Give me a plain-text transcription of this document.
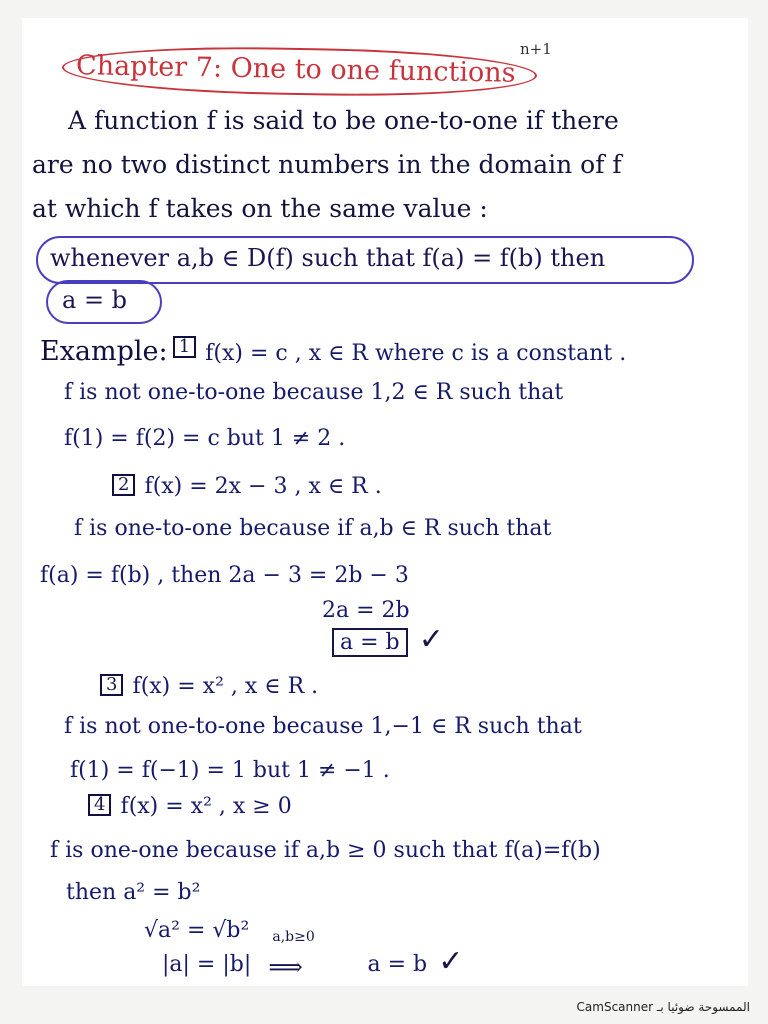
n+1
Chapter 7: One to one functions
A function f is said to be one-to-one if there
are no two distinct numbers in the domain of f
at which f takes on the same value :
whenever a,b ∈ D(f) such that f(a) = f(b) then
a = b
Example: 1 f(x) = c , x ∈ R where c is a constant .
f is not one-to-one because 1,2 ∈ R such that
f(1) = f(2) = c but 1 ≠ 2 .
2 f(x) = 2x − 3 , x ∈ R .
f is one-to-one because if a,b ∈ R such that
f(a) = f(b) , then 2a − 3 = 2b − 3
2a = 2b
a = b ✓
3 f(x) = x² , x ∈ R .
f is not one-to-one because 1,−1 ∈ R such that
f(1) = f(−1) = 1 but 1 ≠ −1 .
4 f(x) = x² , x ≥ 0
f is one-one because if a,b ≥ 0 such that f(a)=f(b)
then a² = b²
√a² = √b²
|a| = |b|
a,b≥0
⟹	a = b ✓
CamScanner الممسوحة ضوئيا بـ
